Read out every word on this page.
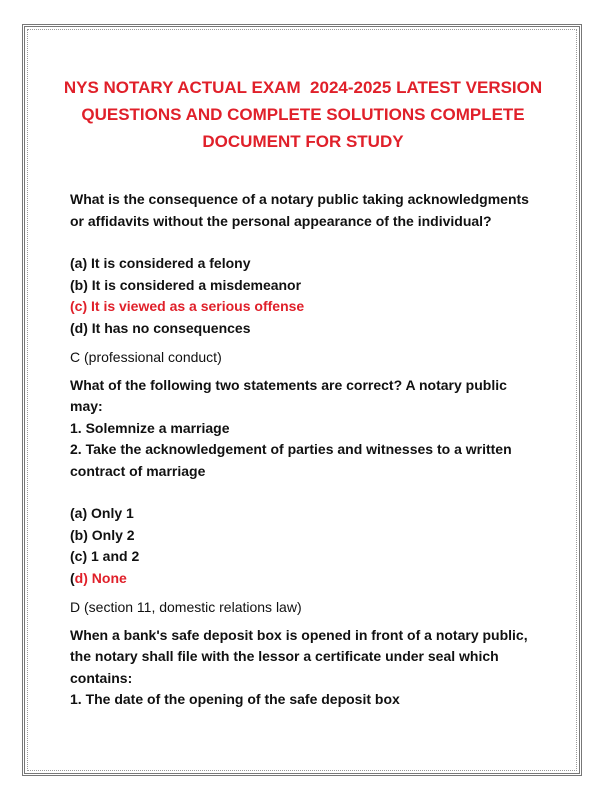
NYS NOTARY ACTUAL EXAM  2024-2025 LATEST VERSION
QUESTIONS AND COMPLETE SOLUTIONS COMPLETE
DOCUMENT FOR STUDY
What is the consequence of a notary public taking acknowledgments
or affidavits without the personal appearance of the individual?
(a) It is considered a felony
(b) It is considered a misdemeanor
(c) It is viewed as a serious offense
(d) It has no consequences
C (professional conduct)
What of the following two statements are correct? A notary public
may:
1. Solemnize a marriage
2. Take the acknowledgement of parties and witnesses to a written
contract of marriage
(a) Only 1
(b) Only 2
(c) 1 and 2
(d) None
D (section 11, domestic relations law)
When a bank's safe deposit box is opened in front of a notary public,
the notary shall file with the lessor a certificate under seal which
contains:
1. The date of the opening of the safe deposit box
